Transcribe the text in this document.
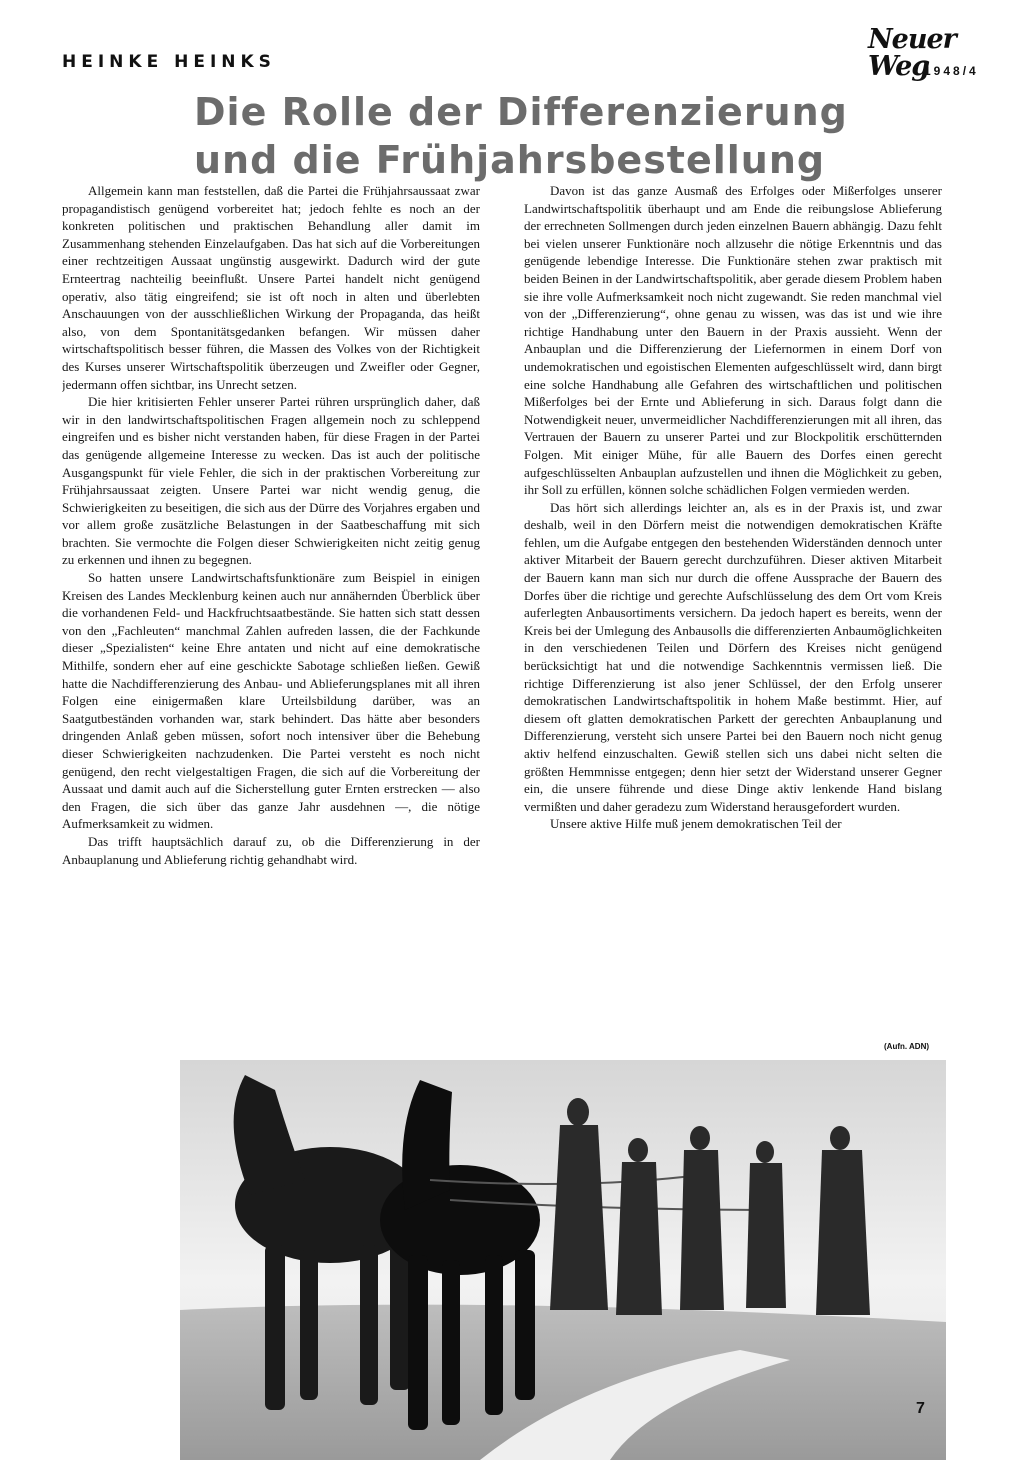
HEINKE HEINKS
Neuer Weg
1948/4
Die Rolle der Differenzierung
und die Frühjahrsbestellung

Allgemein kann man feststellen, daß die Partei die Frühjahrsaussaat zwar propagandistisch genügend vorbereitet hat; jedoch fehlte es noch an der konkreten politischen und praktischen Behandlung aller damit im Zusammenhang stehenden Einzelaufgaben. Das hat sich auf die Vorbereitungen einer rechtzeitigen Aussaat ungünstig ausgewirkt. Dadurch wird der gute Ernteertrag nachteilig beeinflußt. Unsere Partei handelt nicht genügend operativ, also tätig eingreifend; sie ist oft noch in alten und überlebten Anschauungen von der ausschließlichen Wirkung der Propaganda, das heißt also, von dem Spontanitätsgedanken befangen. Wir müssen daher wirtschaftspolitisch besser führen, die Massen des Volkes von der Richtigkeit des Kurses unserer Wirtschaftspolitik überzeugen und Zweifler oder Gegner, jedermann offen sichtbar, ins Unrecht setzen.

Die hier kritisierten Fehler unserer Partei rühren ursprünglich daher, daß wir in den landwirtschaftspolitischen Fragen allgemein noch zu schleppend eingreifen und es bisher nicht verstanden haben, für diese Fragen in der Partei das genügende allgemeine Interesse zu wecken. Das ist auch der politische Ausgangspunkt für viele Fehler, die sich in der praktischen Vorbereitung zur Frühjahrsaussaat zeigten. Unsere Partei war nicht wendig genug, die Schwierigkeiten zu beseitigen, die sich aus der Dürre des Vorjahres ergaben und vor allem große zusätzliche Belastungen in der Saatbeschaffung mit sich brachten. Sie vermochte die Folgen dieser Schwierigkeiten nicht zeitig genug zu erkennen und ihnen zu begegnen.

So hatten unsere Landwirtschaftsfunktionäre zum Beispiel in einigen Kreisen des Landes Mecklenburg keinen auch nur annähernden Überblick über die vorhandenen Feld- und Hackfruchtsaatbestände. Sie hatten sich statt dessen von den „Fachleuten“ manchmal Zahlen aufreden lassen, die der Fachkunde dieser „Spezialisten“ keine Ehre antaten und nicht auf eine demokratische Mithilfe, sondern eher auf eine geschickte Sabotage schließen ließen. Gewiß hatte die Nachdifferenzierung des Anbau- und Ablieferungsplanes mit all ihren Folgen eine einigermaßen klare Urteilsbildung darüber, was an Saatgutbeständen vorhanden war, stark behindert. Das hätte aber besonders dringenden Anlaß geben müssen, sofort noch intensiver über die Behebung dieser Schwierigkeiten nachzudenken. Die Partei versteht es noch nicht genügend, den recht vielgestaltigen Fragen, die sich auf die Vorbereitung der Aussaat und damit auch auf die Sicherstellung guter Ernten erstrecken — also den Fragen, die sich über das ganze Jahr ausdehnen —, die nötige Aufmerksamkeit zu widmen.

Das trifft hauptsächlich darauf zu, ob die Differenzierung in der Anbauplanung und Ablieferung richtig gehandhabt wird.

Davon ist das ganze Ausmaß des Erfolges oder Mißerfolges unserer Landwirtschaftspolitik überhaupt und am Ende die reibungslose Ablieferung der errechneten Sollmengen durch jeden einzelnen Bauern abhängig. Dazu fehlt bei vielen unserer Funktionäre noch allzusehr die nötige Erkenntnis und das genügende lebendige Interesse. Die Funktionäre stehen zwar praktisch mit beiden Beinen in der Landwirtschaftspolitik, aber gerade diesem Problem haben sie ihre volle Aufmerksamkeit noch nicht zugewandt. Sie reden manchmal viel von der „Differenzierung“, ohne genau zu wissen, was das ist und wie ihre richtige Handhabung unter den Bauern in der Praxis aussieht. Wenn der Anbauplan und die Differenzierung der Liefernormen in einem Dorf von undemokratischen und egoistischen Elementen aufgeschlüsselt wird, dann birgt eine solche Handhabung alle Gefahren des wirtschaftlichen und politischen Mißerfolges bei der Ernte und Ablieferung in sich. Daraus folgt dann die Notwendigkeit neuer, unvermeidlicher Nachdifferenzierungen mit all ihren, das Vertrauen der Bauern zu unserer Partei und zur Blockpolitik erschütternden Folgen. Mit einiger Mühe, für alle Bauern des Dorfes einen gerecht aufgeschlüsselten Anbauplan aufzustellen und ihnen die Möglichkeit zu geben, ihr Soll zu erfüllen, können solche schädlichen Folgen vermieden werden.

Das hört sich allerdings leichter an, als es in der Praxis ist, und zwar deshalb, weil in den Dörfern meist die notwendigen demokratischen Kräfte fehlen, um die Aufgabe entgegen den bestehenden Widerständen dennoch unter aktiver Mitarbeit der Bauern gerecht durchzuführen. Dieser aktiven Mitarbeit der Bauern kann man sich nur durch die offene Aussprache der Bauern des Dorfes über die richtige und gerechte Aufschlüsselung des dem Ort vom Kreis auferlegten Anbausortiments versichern. Da jedoch hapert es bereits, wenn der Kreis bei der Umlegung des Anbausolls die differenzierten Anbaumöglichkeiten in den verschiedenen Teilen und Dörfern des Kreises nicht genügend berücksichtigt hat und die notwendige Sachkenntnis vermissen ließ. Die richtige Differenzierung ist also jener Schlüssel, der den Erfolg unserer demokratischen Landwirtschaftspolitik in hohem Maße bestimmt. Hier, auf diesem oft glatten demokratischen Parkett der gerechten Anbauplanung und Differenzierung, versteht sich unsere Partei bei den Bauern noch nicht genug aktiv helfend einzuschalten. Gewiß stellen sich uns dabei nicht selten die größten Hemmnisse entgegen; denn hier setzt der Widerstand unserer Gegner ein, die unsere führende und diese Dinge aktiv lenkende Hand bislang vermißten und daher geradezu zum Widerstand herausgefordert wurden.

Unsere aktive Hilfe muß jenem demokratischen Teil der

(Aufn. ADN)
7
